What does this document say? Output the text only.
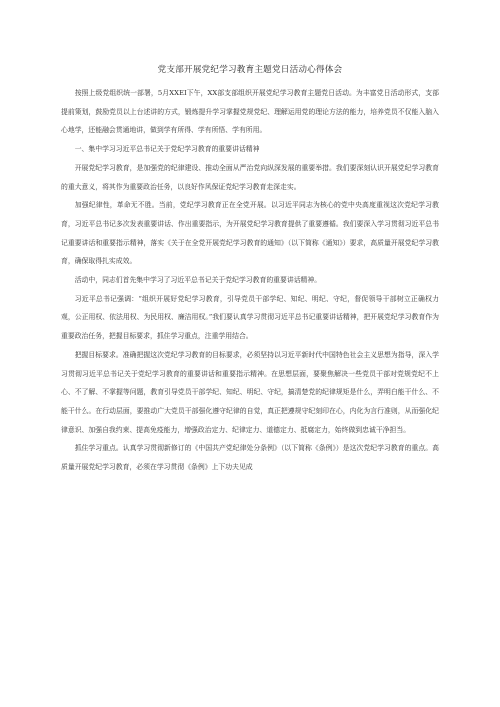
党支部开展党纪学习教育主题党日活动心得体会

按照上级党组织统一部署，5月XXEI下午，XX部支部组织开展党纪学习教育主题党日活动。为丰富党日活动形式，支部提前策划，鼓励党员以上台述讲的方式，锻炼提升学习掌握党规党纪、理解运用党的理论方法的能力，培养党员不仅能入脑入心地学，还能融会贯通地讲，做到学有所得、学有所悟、学有所用。

一、集中学习习近平总书记关于党纪学习教育的重要讲话精神

开展党纪学习教育，是加强党的纪律建设、推动全面从严治党向纵深发展的重要举措。我们要深刻认识开展党纪学习教育的重大意义，将其作为重要政治任务，以良好作风保证党纪学习教育走深走实。

加强纪律性，革命无不胜。当前，党纪学习教育正在全党开展。以习近平同志为核心的党中央高度重视这次党纪学习教育，习近平总书记多次发表重要讲话、作出重要指示，为开展党纪学习教育提供了重要遵循。我们要深入学习贯彻习近平总书记重要讲话和重要指示精神，落实《关于在全党开展党纪学习教育的通知》（以下简称《通知》）要求，高质量开展党纪学习教育，确保取得扎实成效。

活动中，同志们首先集中学习了习近平总书记关于党纪学习教育的重要讲话精神。

习近平总书记强调：“组织开展好党纪学习教育，引导党员干部学纪、知纪、明纪、守纪，督促领导干部树立正确权力观，公正用权、依法用权、为民用权、廉洁用权。”我们要认真学习贯彻习近平总书记重要讲话精神，把开展党纪学习教育作为重要政治任务，把握目标要求，抓住学习重点，注重学用结合。

把握目标要求。准确把握这次党纪学习教育的目标要求，必须坚持以习近平新时代中国特色社会主义思想为指导，深入学习贯彻习近平总书记关于党纪学习教育的重要讲话和重要指示精神。在思想层面，要聚焦解决一些党员干部对党规党纪不上心、不了解、不掌握等问题，教育引导党员干部学纪、知纪、明纪、守纪，搞清楚党的纪律规矩是什么，弄明白能干什么、不能干什么。在行动层面，要推动广大党员干部强化遵守纪律的自觉，真正把遵规守纪刻印在心，内化为言行准则，从而强化纪律意识、加强自我约束、提高免疫能力，增强政治定力、纪律定力、道德定力、抵腐定力，始终做到忠诚干净担当。

抓住学习重点。认真学习贯彻新修订的《中国共产党纪律处分条例》（以下简称《条例》）是这次党纪学习教育的重点。高质量开展党纪学习教育，必须在学习贯彻《条例》上下功夫见成
